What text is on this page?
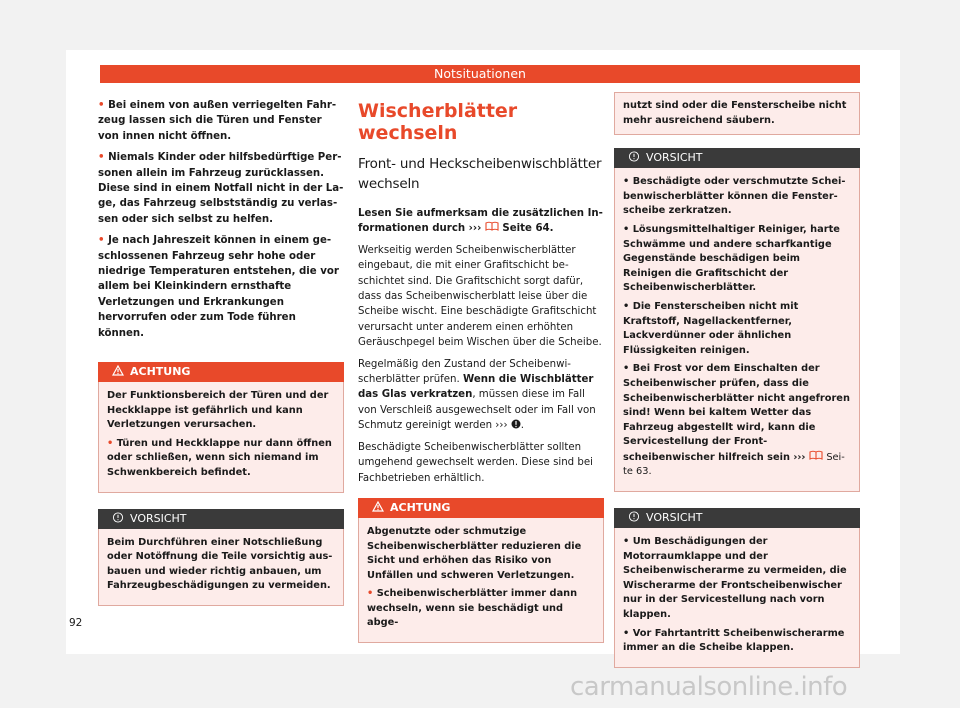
Notsituationen

• Bei einem von außen verriegelten Fahrzeug lassen sich die Türen und Fenster von innen nicht öffnen.

• Niemals Kinder oder hilfsbedürftige Personen allein im Fahrzeug zurücklassen. Diese sind in einem Notfall nicht in der Lage, das Fahrzeug selbstständig zu verlassen oder sich selbst zu helfen.

• Je nach Jahreszeit können in einem geschlossenen Fahrzeug sehr hohe oder niedrige Temperaturen entstehen, die vor allem bei Kleinkindern ernsthafte Verletzungen und Erkrankungen hervorrufen oder zum Tode führen können.

ACHTUNG

Der Funktionsbereich der Türen und der Heckklappe ist gefährlich und kann Verletzungen verursachen.

• Türen und Heckklappe nur dann öffnen oder schließen, wenn sich niemand im Schwenkbereich befindet.

VORSICHT

Beim Durchführen einer Notschließung oder Notöffnung die Teile vorsichtig ausbauen und wieder richtig anbauen, um Fahrzeugbeschädigungen zu vermeiden.

Wischerblätter wechseln
Front- und Heckscheibenwischblätter wechseln

Lesen Sie aufmerksam die zusätzlichen Informationen durch ››› Seite 64.

Werkseitig werden Scheibenwischerblätter eingebaut, die mit einer Grafitschicht beschichtet sind. Die Grafitschicht sorgt dafür, dass das Scheibenwischerblatt leise über die Scheibe wischt. Eine beschädigte Grafitschicht verursacht unter anderem einen erhöhten Geräuschpegel beim Wischen über die Scheibe.

Regelmäßig den Zustand der Scheibenwischerblätter prüfen. Wenn die Wischblätter das Glas verkratzen, müssen diese im Fall von Verschleiß ausgewechselt oder im Fall von Schmutz gereinigt werden ››› .

Beschädigte Scheibenwischerblätter sollten umgehend gewechselt werden. Diese sind bei Fachbetrieben erhältlich.

ACHTUNG

Abgenutzte oder schmutzige Scheibenwischerblätter reduzieren die Sicht und erhöhen das Risiko von Unfällen und schweren Verletzungen.

• Scheibenwischerblätter immer dann wechseln, wenn sie beschädigt und abge-

nutzt sind oder die Fensterscheibe nicht mehr ausreichend säubern.

VORSICHT

• Beschädigte oder verschmutzte Scheibenwischerblätter können die Fensterscheibe zerkratzen.

• Lösungsmittelhaltiger Reiniger, harte Schwämme und andere scharfkantige Gegenstände beschädigen beim Reinigen die Grafitschicht der Scheibenwischerblätter.

• Die Fensterscheiben nicht mit Kraftstoff, Nagellackentferner, Lackverdünner oder ähnlichen Flüssigkeiten reinigen.

• Bei Frost vor dem Einschalten der Scheibenwischer prüfen, dass die Scheibenwischerblätter nicht angefroren sind! Wenn bei kaltem Wetter das Fahrzeug abgestellt wird, kann die Servicestellung der Frontscheibenwischer hilfreich sein ››› Seite 63.

VORSICHT

• Um Beschädigungen der Motorraumklappe und der Scheibenwischerarme zu vermeiden, die Wischerarme der Frontscheibenwischer nur in der Servicestellung nach vorn klappen.

• Vor Fahrtantritt Scheibenwischerarme immer an die Scheibe klappen.

92
carmanualsonline.info
